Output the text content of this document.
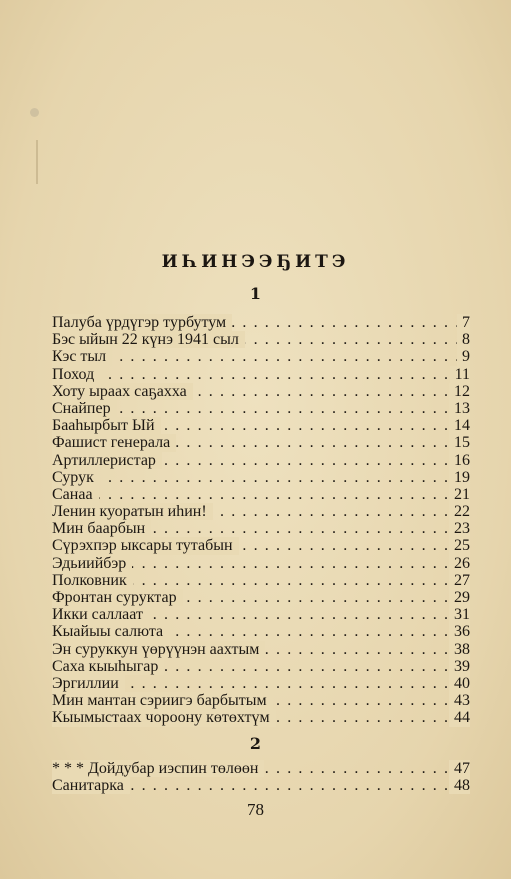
ИҺИНЭЭҔИТЭ
1
. . . Палуба үрдүгэр турбутум	7
. . . Бэс ыйын 22 күнэ 1941 сыл	8
. . . Кэс тыл	9
. . . Поход	11
. . . Хоту ыраах саҕахха	12
. . . Снайпер	13
. . . Бааһырбыт Ый	14
. . . Фашист генерала	15
. . . Артиллеристар	16
. . . Сурук	19
. . . Санаа	21
. . . Ленин куоратын иһин!	22
. . . Мин баарбын	23
. . . Сүрэхпэр ыксары тутабын	25
. . . Эдьиийбэр	26
. . . Полковник	27
. . . Фронтан суруктар	29
. . . Икки саллаат	31
. . . Кыайыы салюта	36
. . . Эн суруккун үөрүүнэн аахтым	38
. . . Саха кыыһыгар	39
. . . Эргиллии	40
. . . Мин мантан сэриигэ барбытым	43
. . . Кыымыстаах чороону көтөхтүм	44
2
. . . * * * Дойдубар иэспин төлөөн	47
. . . Санитарка	48
78
